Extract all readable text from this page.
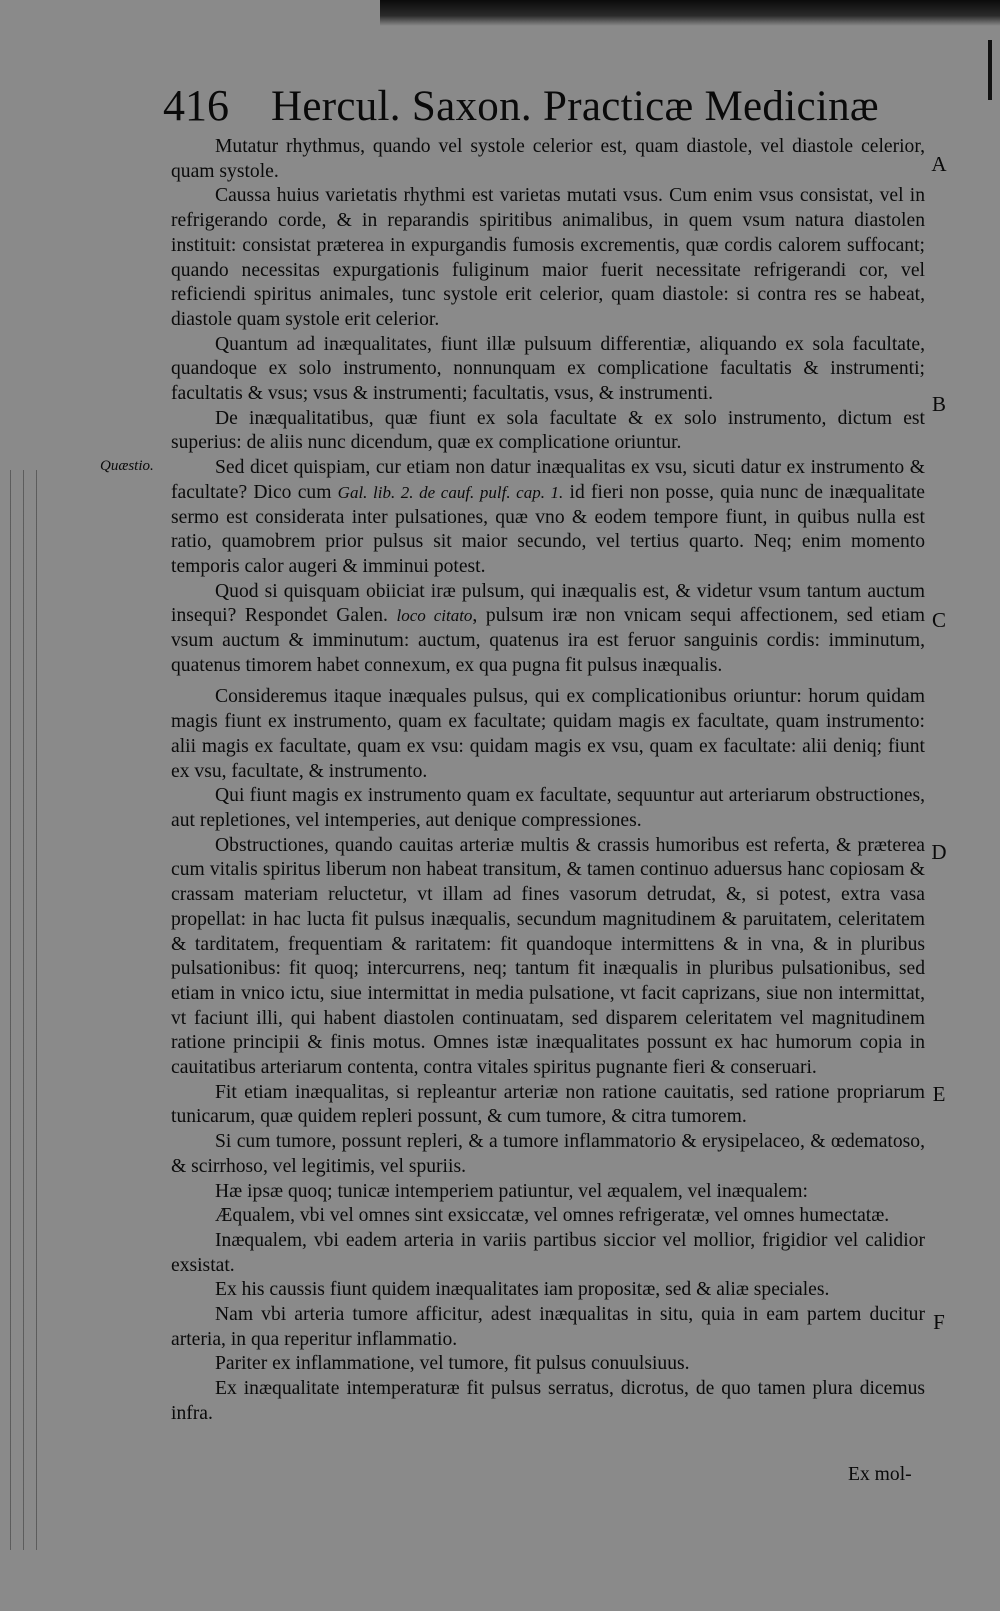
416 Hercul. Saxon. Practicæ Medicinæ
Quæstio.
A
B
C
D
E
F

Mutatur rhythmus, quando vel systole celerior est, quam diastole, vel diastole celerior, quam systole.

Caussa huius varietatis rhythmi est varietas mutati vsus. Cum enim vsus consistat, vel in refrigerando corde, & in reparandis spiritibus animalibus, in quem vsum natura diastolen instituit: consistat præterea in expurgandis fumosis excrementis, quæ cordis calorem suffocant; quando necessitas expurgationis fuliginum maior fuerit necessitate refrigerandi cor, vel reficiendi spiritus animales, tunc systole erit celerior, quam diastole: si contra res se habeat, diastole quam systole erit celerior.

Quantum ad inæqualitates, fiunt illæ pulsuum differentiæ, aliquando ex sola facultate, quandoque ex solo instrumento, nonnunquam ex complicatione facultatis & instrumenti; facultatis & vsus; vsus & instrumenti; facultatis, vsus, & instrumenti.

De inæqualitatibus, quæ fiunt ex sola facultate & ex solo instrumento, dictum est superius: de aliis nunc dicendum, quæ ex complicatione oriuntur.

Sed dicet quispiam, cur etiam non datur inæqualitas ex vsu, sicuti datur ex instrumento & facultate? Dico cum Gal. lib. 2. de cauf. pulf. cap. 1. id fieri non posse, quia nunc de inæqualitate sermo est considerata inter pulsationes, quæ vno & eodem tempore fiunt, in quibus nulla est ratio, quamobrem prior pulsus sit maior secundo, vel tertius quarto. Neq; enim momento temporis calor augeri & imminui potest.

Quod si quisquam obiiciat iræ pulsum, qui inæqualis est, & videtur vsum tantum auctum insequi? Respondet Galen. loco citato, pulsum iræ non vnicam sequi affectionem, sed etiam vsum auctum & imminutum: auctum, quatenus ira est feruor sanguinis cordis: imminutum, quatenus timorem habet connexum, ex qua pugna fit pulsus inæqualis.

Consideremus itaque inæquales pulsus, qui ex complicationibus oriuntur: horum quidam magis fiunt ex instrumento, quam ex facultate; quidam magis ex facultate, quam instrumento: alii magis ex facultate, quam ex vsu: quidam magis ex vsu, quam ex facultate: alii deniq; fiunt ex vsu, facultate, & instrumento.

Qui fiunt magis ex instrumento quam ex facultate, sequuntur aut arteriarum obstructiones, aut repletiones, vel intemperies, aut denique compressiones.

Obstructiones, quando cauitas arteriæ multis & crassis humoribus est referta, & præterea cum vitalis spiritus liberum non habeat transitum, & tamen continuo aduersus hanc copiosam & crassam materiam reluctetur, vt illam ad fines vasorum detrudat, &, si potest, extra vasa propellat: in hac lucta fit pulsus inæqualis, secundum magnitudinem & paruitatem, celeritatem & tarditatem, frequentiam & raritatem: fit quandoque intermittens & in vna, & in pluribus pulsationibus: fit quoq; intercurrens, neq; tantum fit inæqualis in pluribus pulsationibus, sed etiam in vnico ictu, siue intermittat in media pulsatione, vt facit caprizans, siue non intermittat, vt faciunt illi, qui habent diastolen continuatam, sed disparem celeritatem vel magnitudinem ratione principii & finis motus. Omnes istæ inæqualitates possunt ex hac humorum copia in cauitatibus arteriarum contenta, contra vitales spiritus pugnante fieri & conseruari.

Fit etiam inæqualitas, si repleantur arteriæ non ratione cauitatis, sed ratione propriarum tunicarum, quæ quidem repleri possunt, & cum tumore, & citra tumorem.

Si cum tumore, possunt repleri, & a tumore inflammatorio & erysipelaceo, & œdematoso, & scirrhoso, vel legitimis, vel spuriis.

Hæ ipsæ quoq; tunicæ intemperiem patiuntur, vel æqualem, vel inæqualem:

Æqualem, vbi vel omnes sint exsiccatæ, vel omnes refrigeratæ, vel omnes humectatæ.

Inæqualem, vbi eadem arteria in variis partibus siccior vel mollior, frigidior vel calidior exsistat.

Ex his caussis fiunt quidem inæqualitates iam propositæ, sed & aliæ speciales.

Nam vbi arteria tumore afficitur, adest inæqualitas in situ, quia in eam partem ducitur arteria, in qua reperitur inflammatio.

Pariter ex inflammatione, vel tumore, fit pulsus conuulsiuus.

Ex inæqualitate intemperaturæ fit pulsus serratus, dicrotus, de quo tamen plura dicemus infra.

Ex mol-
